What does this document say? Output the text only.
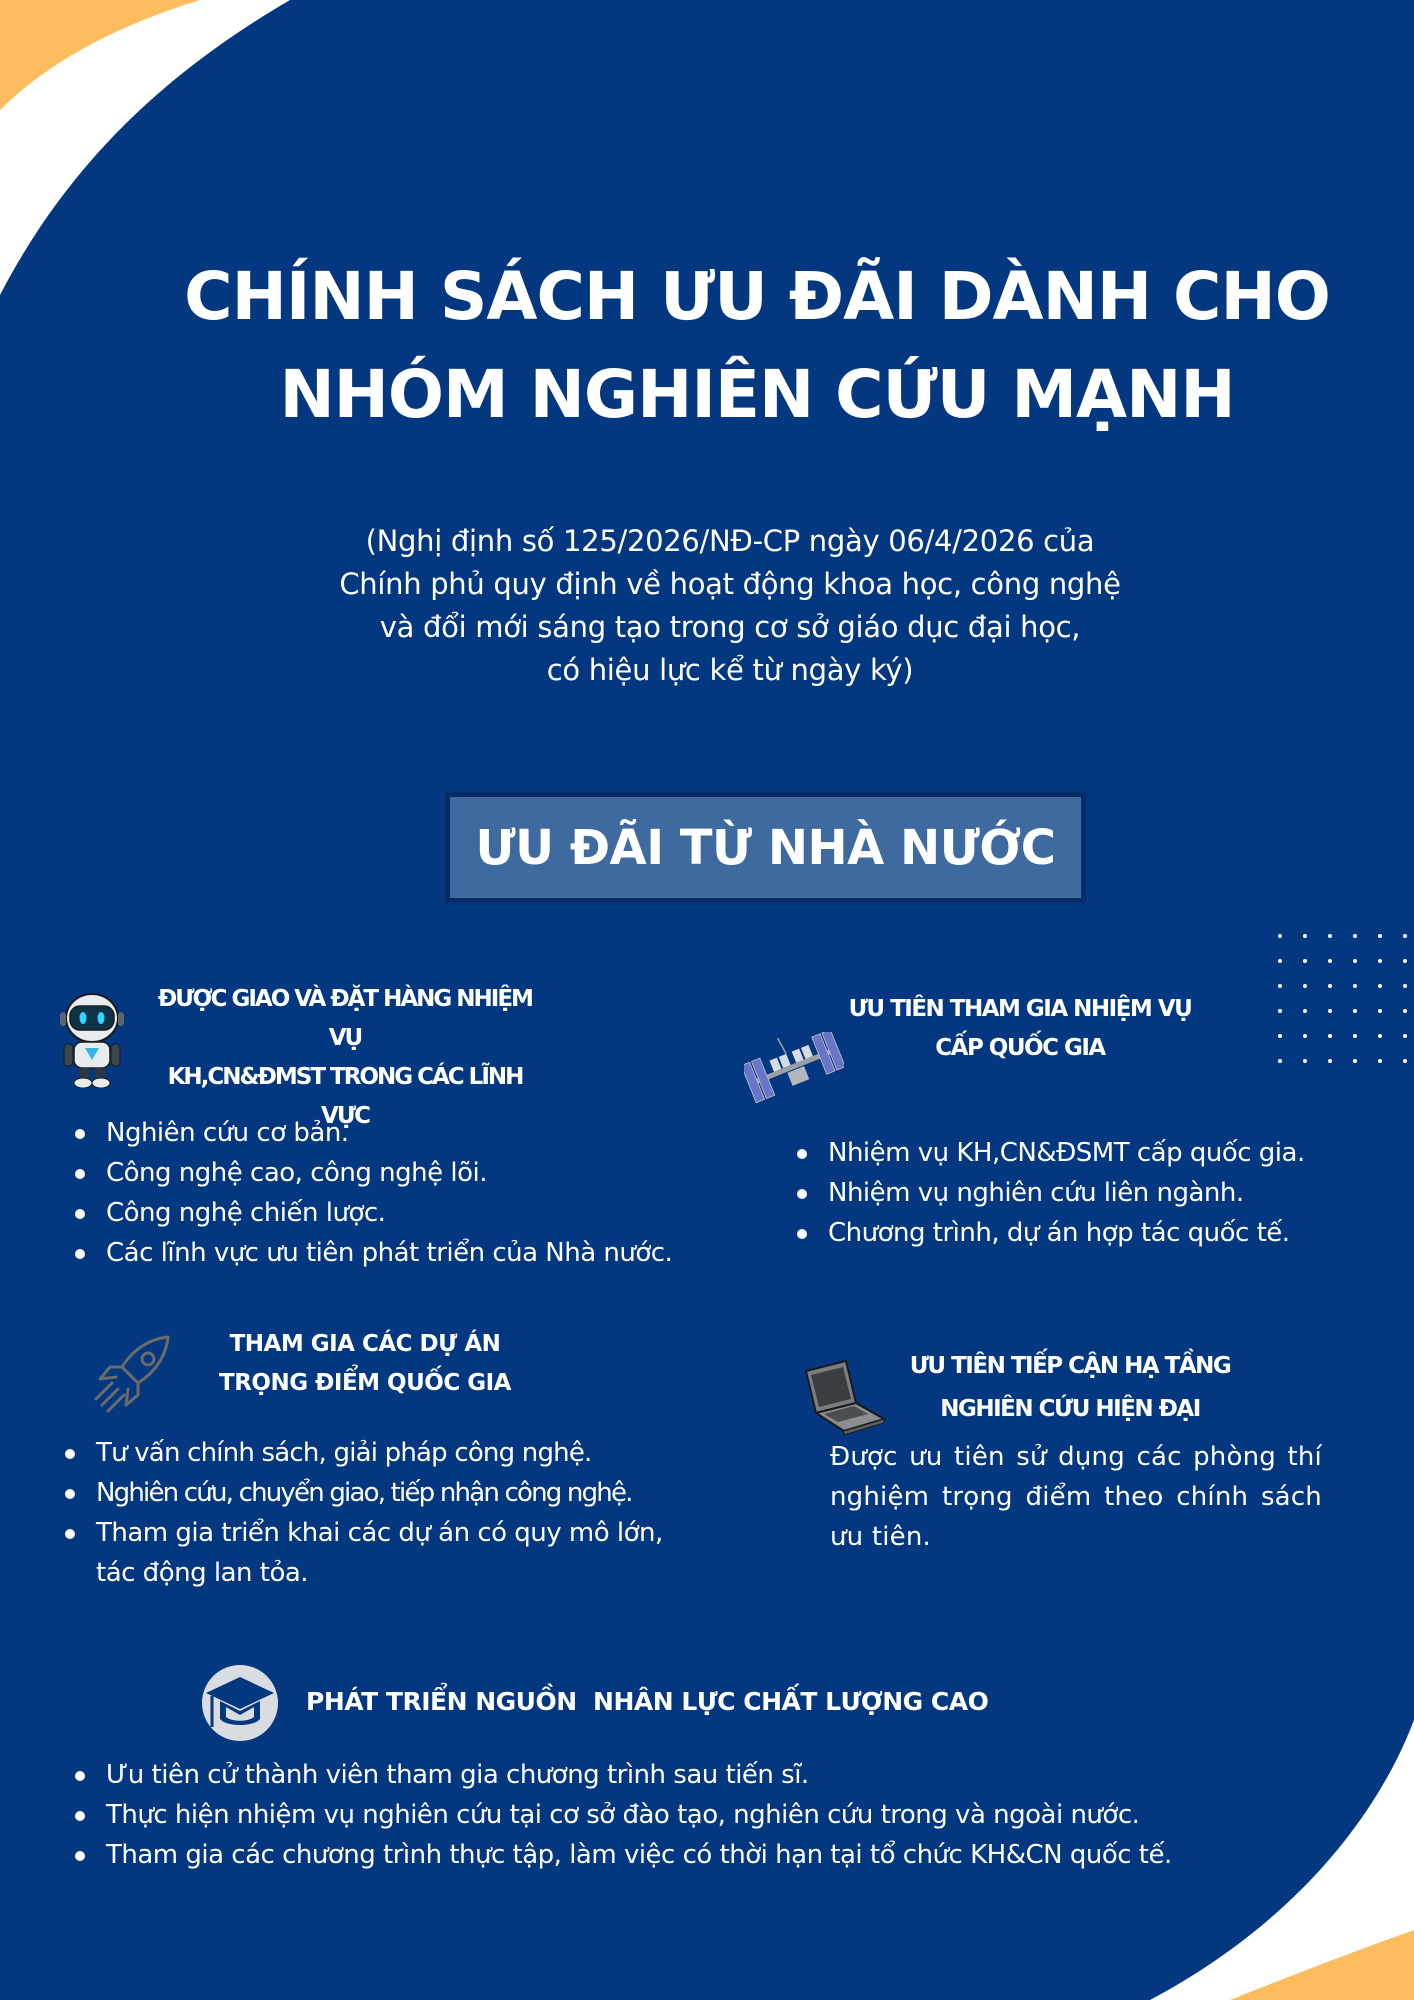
CHÍNH SÁCH ƯU ĐÃI DÀNH CHO
NHÓM NGHIÊN CỨU MẠNH
(Nghị định số 125/2026/NĐ-CP ngày 06/4/2026 của
Chính phủ quy định về hoạt động khoa học, công nghệ
và đổi mới sáng tạo trong cơ sở giáo dục đại học,
có hiệu lực kể từ ngày ký)
ƯU ĐÃI TỪ NHÀ NƯỚC
ĐƯỢC GIAO VÀ ĐẶT HÀNG NHIỆM VỤ
KH,CN&ĐMST TRONG CÁC LĨNH VỰC
Nghiên cứu cơ bản.
Công nghệ cao, công nghệ lõi.
Công nghệ chiến lược.
Các lĩnh vực ưu tiên phát triển của Nhà nước.
ƯU TIÊN THAM GIA NHIỆM VỤ
CẤP QUỐC GIA
Nhiệm vụ KH,CN&ĐSMT cấp quốc gia.
Nhiệm vụ nghiên cứu liên ngành.
Chương trình, dự án hợp tác quốc tế.
THAM GIA CÁC DỰ ÁN
TRỌNG ĐIỂM QUỐC GIA
Tư vấn chính sách, giải pháp công nghệ.
Nghiên cứu, chuyển giao, tiếp nhận công nghệ.
Tham gia triển khai các dự án có quy mô lớn, tác động lan tỏa.
ƯU TIÊN TIẾP CẬN HẠ TẦNG
NGHIÊN CỨU HIỆN ĐẠI

Được ưu tiên sử dụng các phòng thí nghiệm trọng điểm theo chính sách ưu tiên.

PHÁT TRIỂN NGUỒN  NHÂN LỰC CHẤT LƯỢNG CAO
Ưu tiên cử thành viên tham gia chương trình sau tiến sĩ.
Thực hiện nhiệm vụ nghiên cứu tại cơ sở đào tạo, nghiên cứu trong và ngoài nước.
Tham gia các chương trình thực tập, làm việc có thời hạn tại tổ chức KH&CN quốc tế.
